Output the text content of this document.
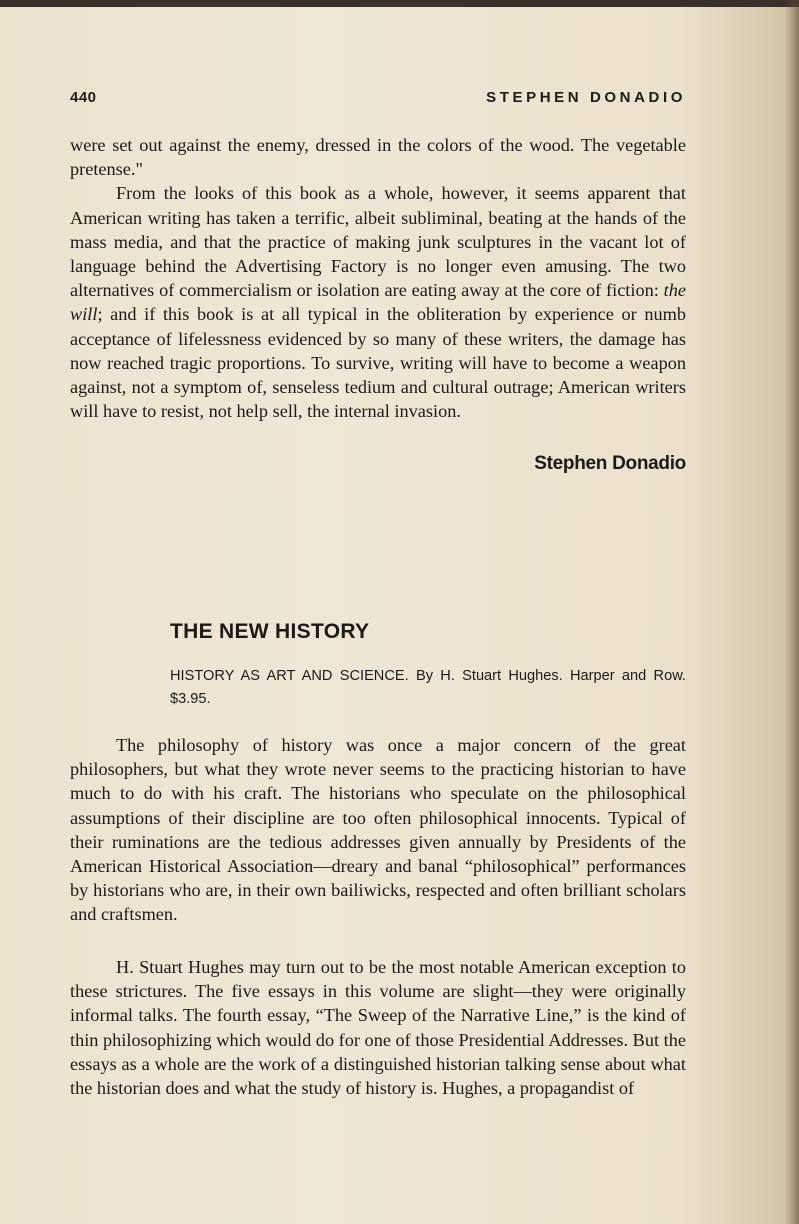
440	STEPHEN DONADIO

were set out against the enemy, dressed in the colors of the wood. The vegetable pretense."

From the looks of this book as a whole, however, it seems apparent that American writing has taken a terrific, albeit subliminal, beating at the hands of the mass media, and that the practice of making junk sculptures in the vacant lot of language behind the Advertising Factory is no longer even amusing. The two alternatives of commercialism or isolation are eating away at the core of fiction: the will; and if this book is at all typical in the obliteration by experience or numb acceptance of lifelessness evidenced by so many of these writers, the damage has now reached tragic proportions. To survive, writing will have to become a weapon against, not a symptom of, senseless tedium and cultural outrage; American writers will have to resist, not help sell, the internal invasion.

Stephen Donadio
THE NEW HISTORY
HISTORY AS ART AND SCIENCE. By H. Stuart Hughes. Harper and Row. $3.95.

The philosophy of history was once a major concern of the great philosophers, but what they wrote never seems to the practicing historian to have much to do with his craft. The historians who speculate on the philosophical assumptions of their discipline are too often philosophical innocents. Typical of their ruminations are the tedious addresses given annually by Presidents of the American Historical Association—dreary and banal “philosophical” performances by historians who are, in their own bailiwicks, respected and often brilliant scholars and craftsmen.

H. Stuart Hughes may turn out to be the most notable American exception to these strictures. The five essays in this volume are slight—they were originally informal talks. The fourth essay, “The Sweep of the Narrative Line,” is the kind of thin philosophizing which would do for one of those Presidential Addresses. But the essays as a whole are the work of a distinguished historian talking sense about what the historian does and what the study of history is. Hughes, a propagandist of
